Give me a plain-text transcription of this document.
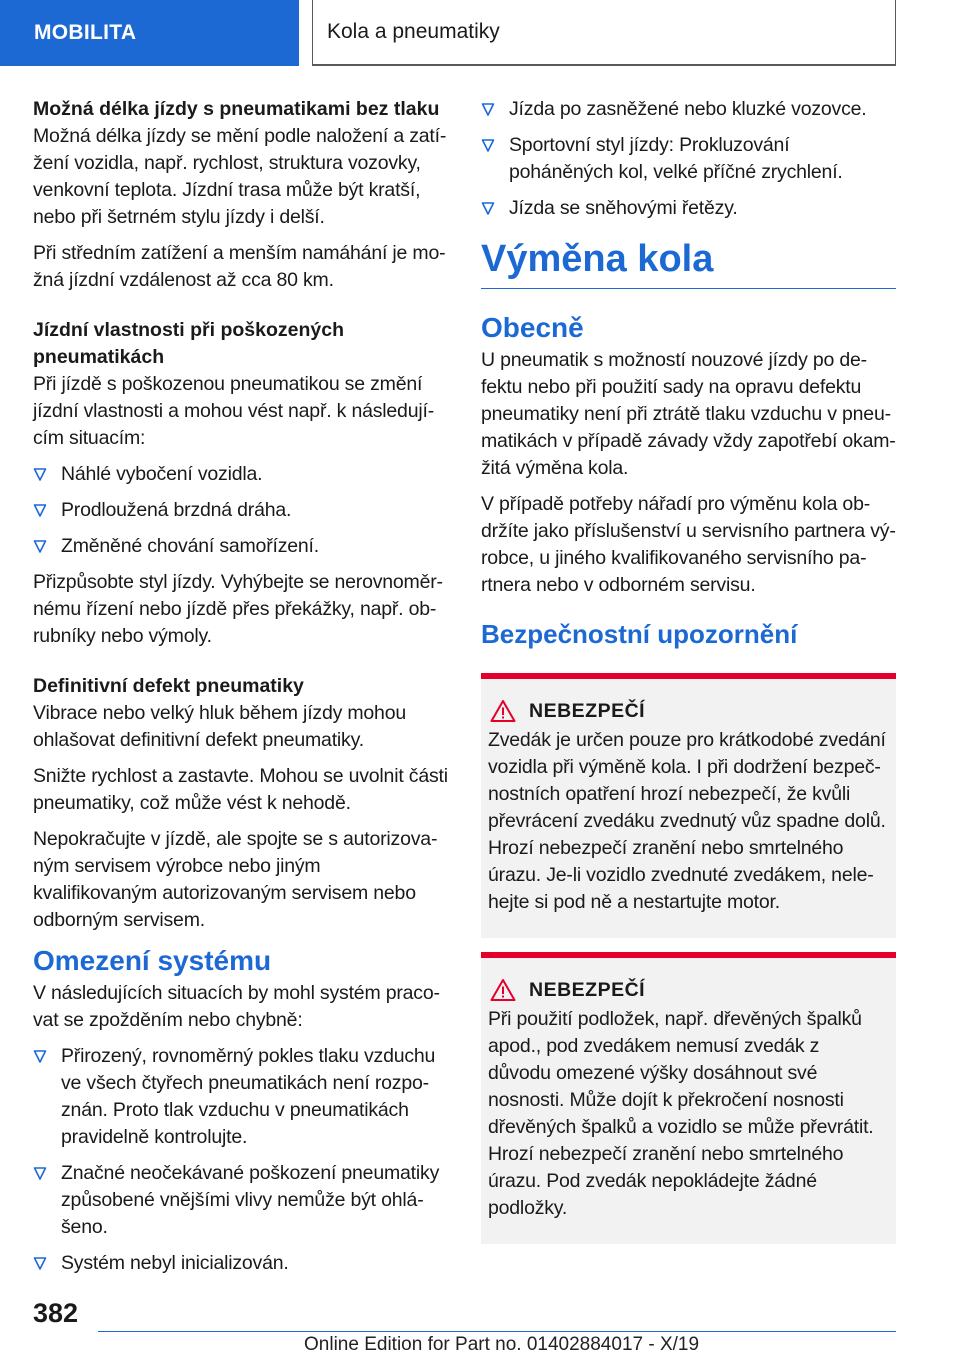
MOBILITA	Kola a pneumatiky

Možná délka jízdy s pneumatikami bez tlaku

Možná délka jízdy se mění podle naložení a zatížení vozidla, např. rychlost, struktura vozovky, venkovní teplota. Jízdní trasa může být kratší, nebo při šetrném stylu jízdy i delší.

Při středním zatížení a menším namáhání je možná jízdní vzdálenost až cca 80 km.

Jízdní vlastnosti při poškozených pneumatikách

Při jízdě s poškozenou pneumatikou se změní jízdní vlastnosti a mohou vést např. k následujícím situacím:

Náhlé vybočení vozidla.
Prodloužená brzdná dráha.
Změněné chování samořízení.

Přizpůsobte styl jízdy. Vyhýbejte se nerovnoměrnému řízení nebo jízdě přes překážky, např. obrubníky nebo výmoly.

Definitivní defekt pneumatiky

Vibrace nebo velký hluk během jízdy mohou ohlašovat definitivní defekt pneumatiky.

Snižte rychlost a zastavte. Mohou se uvolnit části pneumatiky, což může vést k nehodě.

Nepokračujte v jízdě, ale spojte se s autorizovaným servisem výrobce nebo jiným kvalifikovaným autorizovaným servisem nebo odborným servisem.

Omezení systému

V následujících situacích by mohl systém pracovat se zpožděním nebo chybně:

Přirozený, rovnoměrný pokles tlaku vzduchu ve všech čtyřech pneumatikách není rozpoznán. Proto tlak vzduchu v pneumatikách pravidelně kontrolujte.
Značné neočekávané poškození pneumatiky způsobené vnějšími vlivy nemůže být ohlášeno.
Systém nebyl inicializován.
Jízda po zasněžené nebo kluzké vozovce.
Sportovní styl jízdy: Prokluzování poháněných kol, velké příčné zrychlení.
Jízda se sněhovými řetězy.
Výměna kola

Obecně

U pneumatik s možností nouzové jízdy po defektu nebo při použití sady na opravu defektu pneumatiky není při ztrátě tlaku vzduchu v pneumatikách v případě závady vždy zapotřebí okamžitá výměna kola.

V případě potřeby nářadí pro výměnu kola obdržíte jako příslušenství u servisního partnera výrobce, u jiného kvalifikovaného servisního partnera nebo v odborném servisu.

Bezpečnostní upozornění

NEBEZPEČÍ
Zvedák je určen pouze pro krátkodobé zvedání vozidla při výměně kola. I při dodržení bezpečnostních opatření hrozí nebezpečí, že kvůli převrácení zvedáku zvednutý vůz spadne dolů. Hrozí nebezpečí zranění nebo smrtelného úrazu. Je-li vozidlo zvednuté zvedákem, nelehejte si pod ně a nestartujte motor.
NEBEZPEČÍ
Při použití podložek, např. dřevěných špalků apod., pod zvedákem nemusí zvedák z důvodu omezené výšky dosáhnout své nosnosti. Může dojít k překročení nosnosti dřevěných špalků a vozidlo se může převrátit. Hrozí nebezpečí zranění nebo smrtelného úrazu. Pod zvedák nepokládejte žádné podložky.
382
Online Edition for Part no. 01402884017 - X/19
